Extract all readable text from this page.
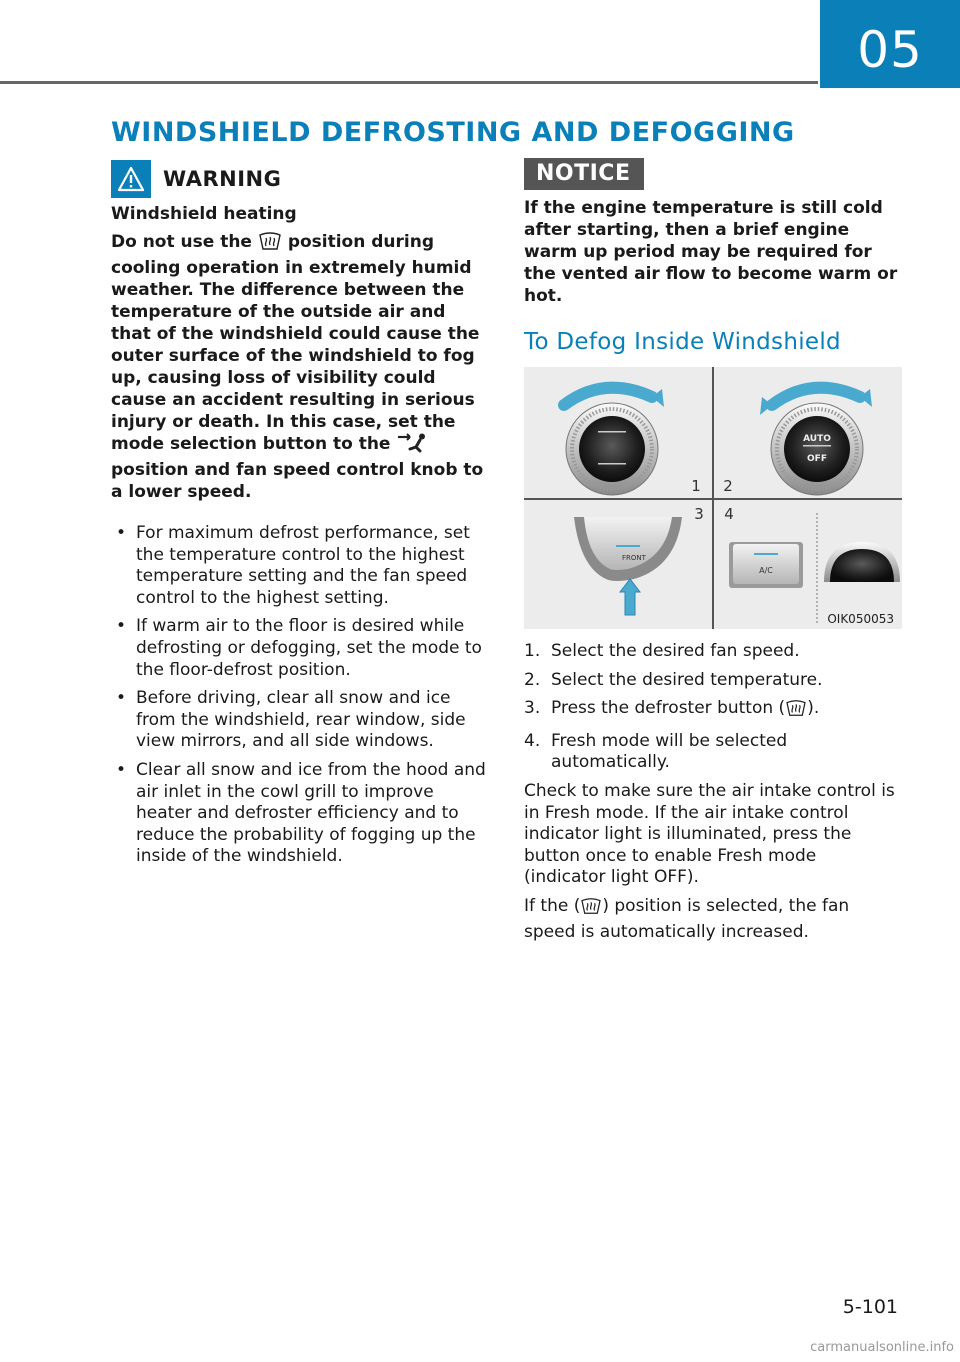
05
WINDSHIELD DEFROSTING AND DEFOGGING
WARNING
Windshield heating
Do not use the position during cooling operation in extremely humid weather. The difference between the temperature of the outside air and that of the windshield could cause the outer surface of the windshield to fog up, causing loss of visibility could cause an accident resulting in serious injury or death. In this case, set the mode selection button to the  position and fan speed control knob to a lower speed.
• For maximum defrost performance, set the temperature control to the highest temperature setting and the fan speed control to the highest setting.
• If warm air to the floor is desired while defrosting or defogging, set the mode to the floor-defrost position.
• Before driving, clear all snow and ice from the windshield, rear window, side view mirrors, and all side windows.
• Clear all snow and ice from the hood and air inlet in the cowl grill to improve heater and defroster efficiency and to reduce the probability of fogging up the inside of the windshield.
NOTICE
If the engine temperature is still cold after starting, then a brief engine warm up period may be required for the vented air flow to become warm or hot.
To Defog Inside Windshield
AUTO
OFF
FRONT
A/C
1 2
3 4
OIK050053
1. Select the desired fan speed.
2. Select the desired temperature.
3. Press the defroster button ( ).
4. Fresh mode will be selected automatically.

Check to make sure the air intake control is in Fresh mode. If the air intake control indicator light is illuminated, press the button once to enable Fresh mode (indicator light OFF).

If the ( ) position is selected, the fan speed is automatically increased.

5-101
carmanualsonline.info
